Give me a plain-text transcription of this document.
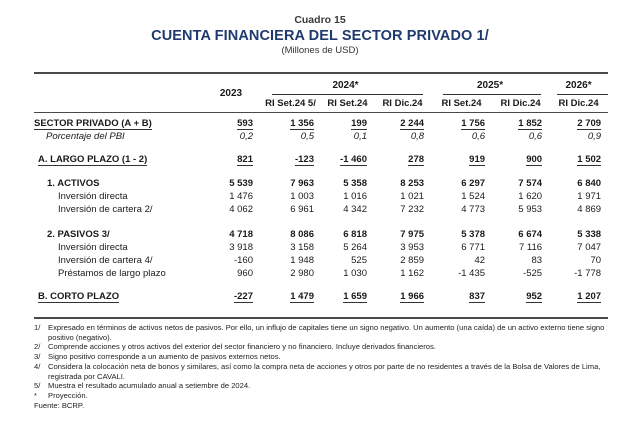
Cuadro 15
CUENTA FINANCIERA DEL SECTOR PRIVADO 1/
(Millones de USD)
		2024*			2025*		2026*

	2023	RI Set.24 5/	RI Set.24	RI Dic.24	RI Set.24	RI Dic.24	RI Dic.24

SECTOR PRIVADO (A + B)	593	1 356	199	2 244	1 756	1 852	2 709
Porcentaje del PBI	0,2	0,5	0,1	0,8	0,6	0,6	0,9

A. LARGO PLAZO (1 - 2)	821	-123	-1 460	278	919	900	1 502

1. ACTIVOS	5 539	7 963	5 358	8 253	6 297	7 574	6 840
Inversión directa	1 476	1 003	1 016	1 021	1 524	1 620	1 971
Inversión de cartera 2/	4 062	6 961	4 342	7 232	4 773	5 953	4 869

2. PASIVOS 3/	4 718	8 086	6 818	7 975	5 378	6 674	5 338
Inversión directa	3 918	3 158	5 264	3 953	6 771	7 116	7 047
Inversión de cartera 4/	-160	1 948	525	2 859	42	83	70
Préstamos de largo plazo	960	2 980	1 030	1 162	-1 435	-525	-1 778

B. CORTO PLAZO	-227	1 479	1 659	1 966	837	952	1 207
1/	Expresado en términos de activos netos de pasivos. Por ello, un influjo de capitales tiene un signo negativo. Un aumento (una caída) de un activo externo tiene signo positivo (negativo).
2/	Comprende acciones y otros activos del exterior del sector financiero y no financiero. Incluye derivados financieros.
3/	Signo positivo corresponde a un aumento de pasivos externos netos.
4/	Considera la colocación neta de bonos y similares, así como la compra neta de acciones y otros por parte de no residentes a través de la Bolsa de Valores de Lima, registrada por CAVALI.
5/	Muestra el resultado acumulado anual a setiembre de 2024.
*	Proyección.
Fuente: BCRP.
